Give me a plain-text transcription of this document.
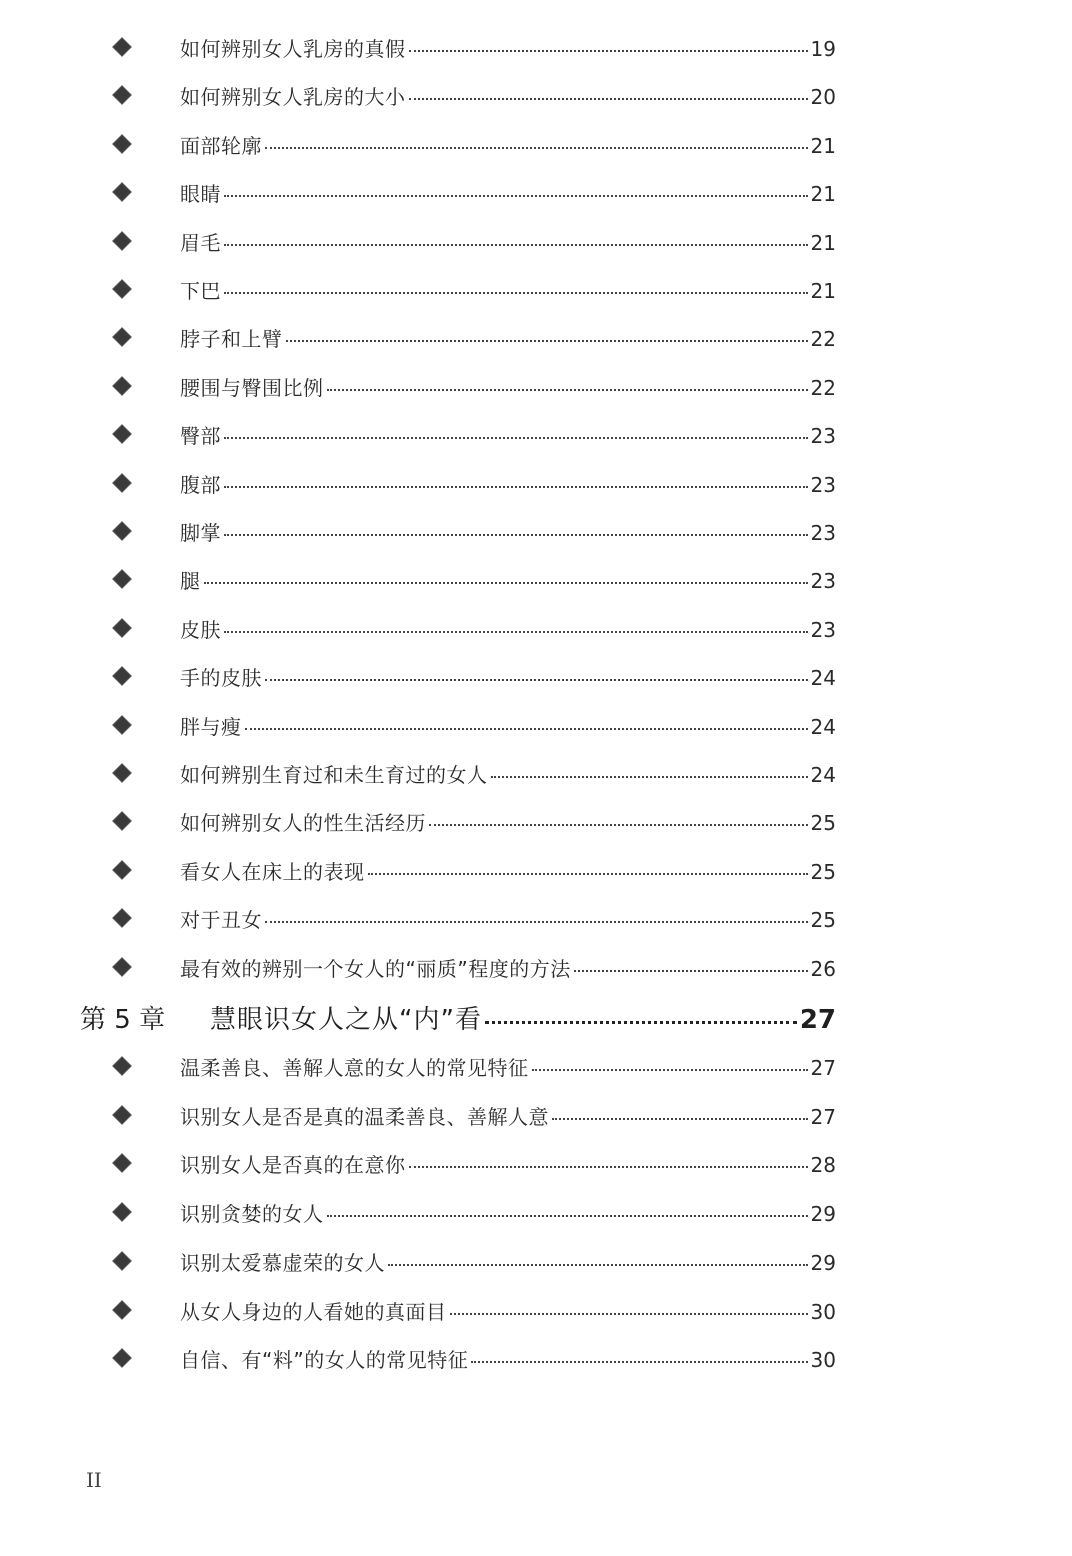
如何辨别女人乳房的真假	19
如何辨别女人乳房的大小	20
面部轮廓	21
眼睛	21
眉毛	21
下巴	21
脖子和上臂	22
腰围与臀围比例	22
臀部	23
腹部	23
脚掌	23
腿	23
皮肤	23
手的皮肤	24
胖与瘦	24
如何辨别生育过和未生育过的女人	24
如何辨别女人的性生活经历	25
看女人在床上的表现	25
对于丑女	25
最有效的辨别一个女人的“丽质”程度的方法	26
第 5 章	慧眼识女人之从“内”看	27
温柔善良、善解人意的女人的常见特征	27
识别女人是否是真的温柔善良、善解人意	27
识别女人是否真的在意你	28
识别贪婪的女人	29
识别太爱慕虚荣的女人	29
从女人身边的人看她的真面目	30
自信、有“料”的女人的常见特征	30
II
